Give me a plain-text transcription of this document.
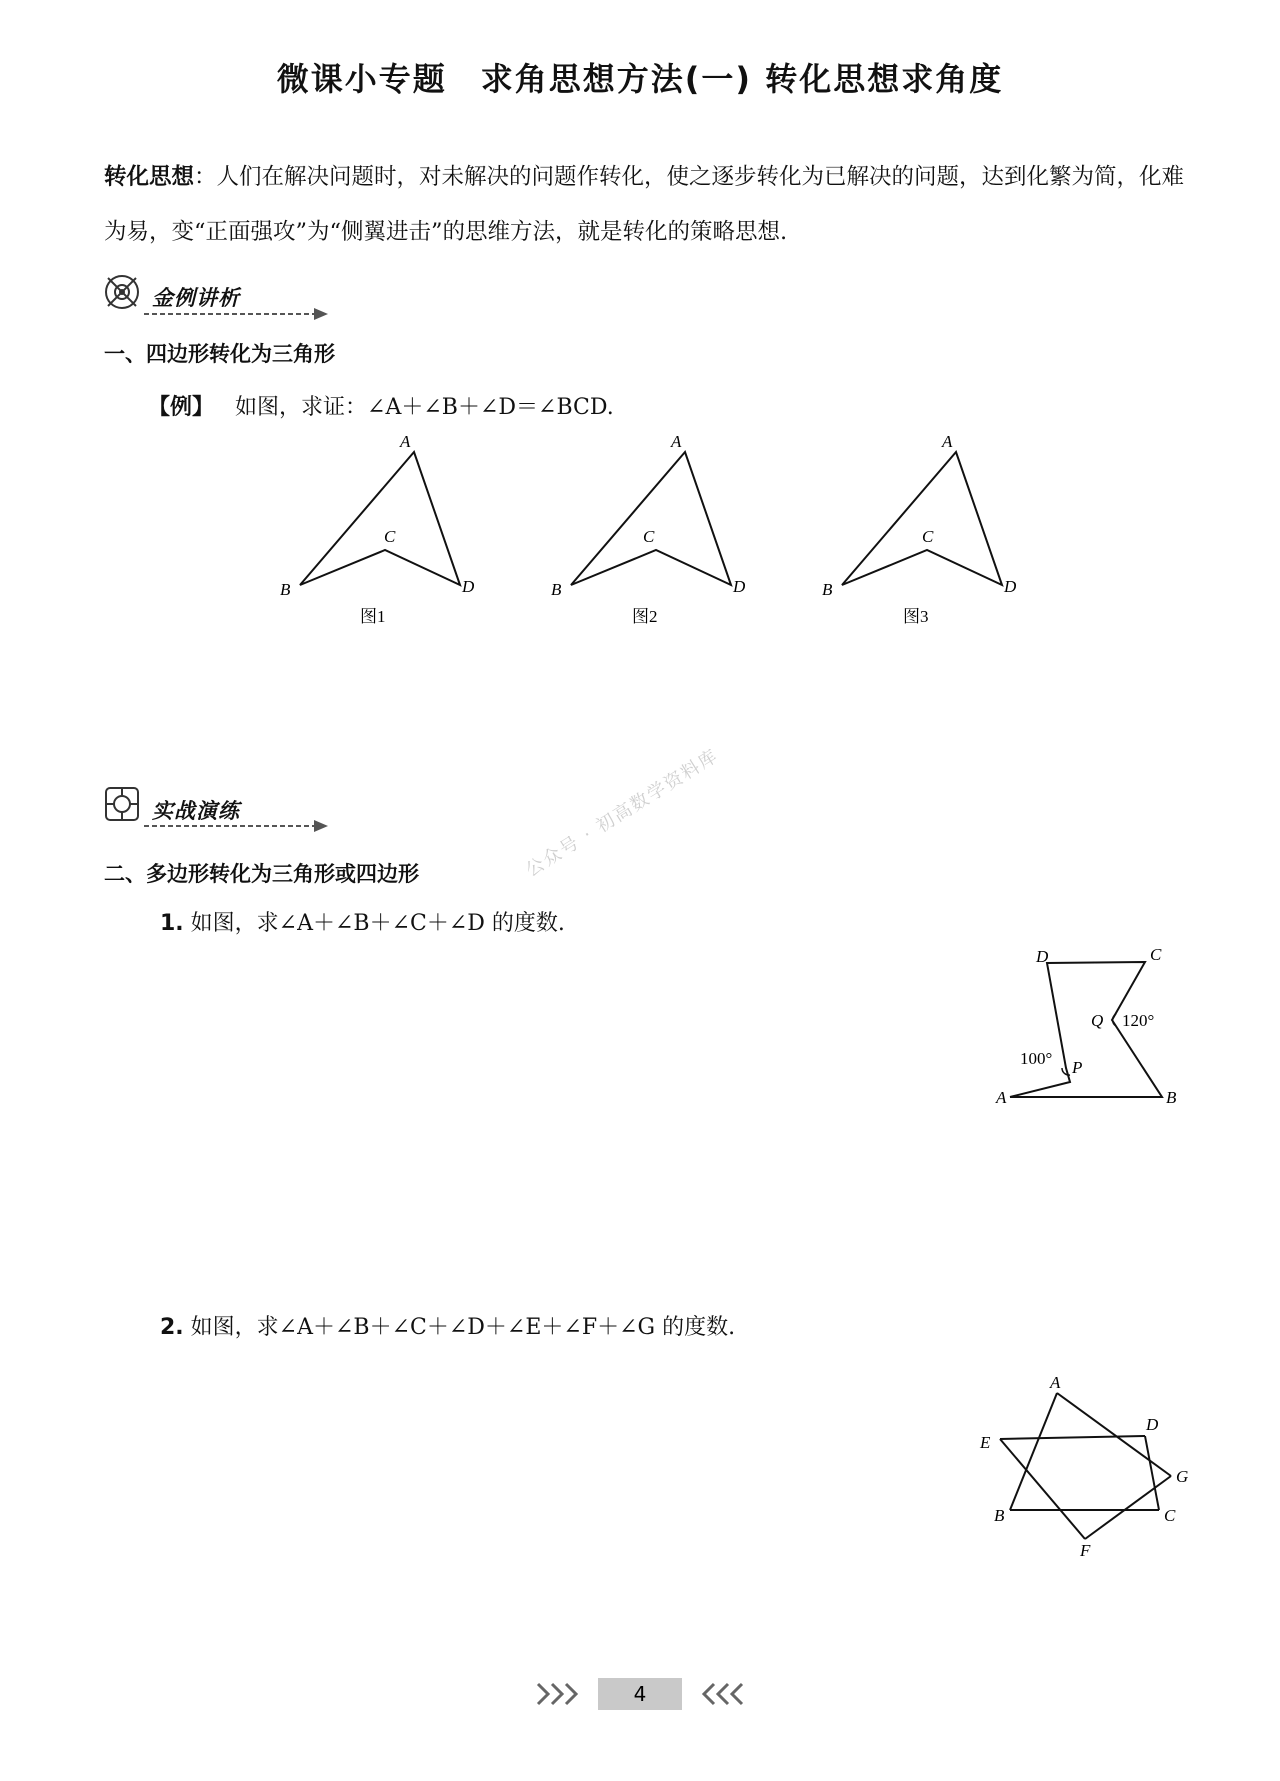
微课小专题　求角思想方法(一) 转化思想求角度
转化思想：人们在解决问题时，对未解决的问题作转化，使之逐步转化为已解决的问题，达到化繁为简，化难为易，变“正面强攻”为“侧翼进击”的思维方法，就是转化的策略思想.
金例讲析
一、四边形转化为三角形
【例】 如图，求证：∠A＋∠B＋∠D＝∠BCD.
A
B
C
D
图1
A
B
C
D
图2
A
B
C
D
图3
实战演练
二、多边形转化为三角形或四边形	公众号 · 初高数学资料库
1. 如图，求∠A＋∠B＋∠C＋∠D 的度数.
D	C
Q 120°
100° P
A	B
2. 如图，求∠A＋∠B＋∠C＋∠D＋∠E＋∠F＋∠G 的度数.
A
D
E
G
B	C
F
4
